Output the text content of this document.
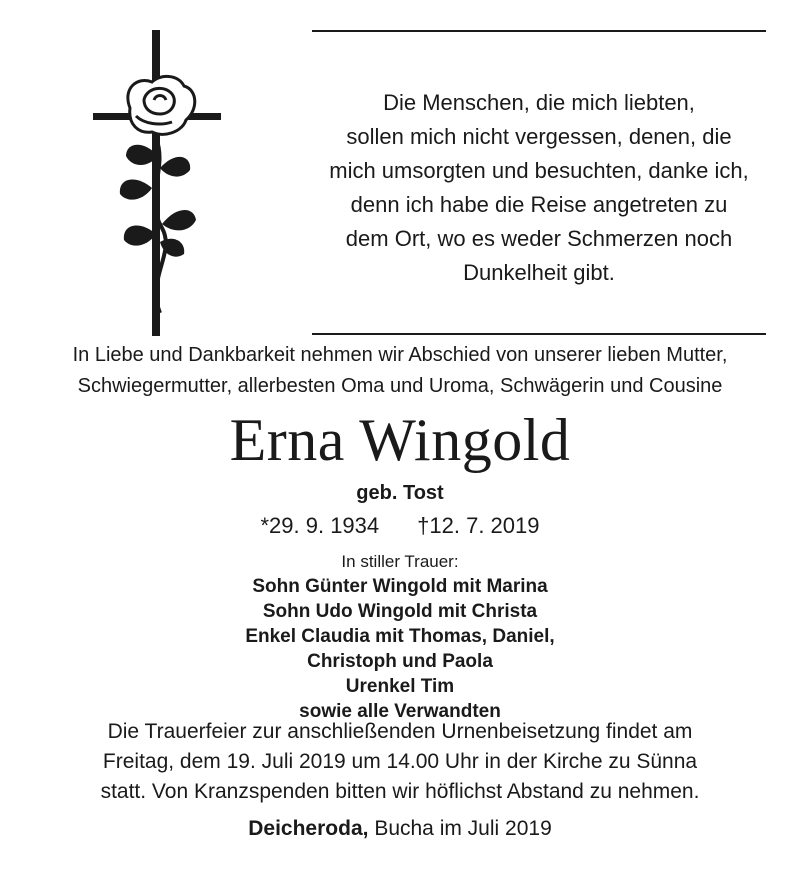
Die Menschen, die mich liebten,
sollen mich nicht vergessen, denen, die
mich umsorgten und besuchten, danke ich,
denn ich habe die Reise angetreten zu
dem Ort, wo es weder Schmerzen noch
Dunkelheit gibt.
In Liebe und Dankbarkeit nehmen wir Abschied von unserer lieben Mutter,
Schwiegermutter, allerbesten Oma und Uroma, Schwägerin und Cousine
Erna Wingold
geb. Tost
*29. 9. 1934 †12. 7. 2019
In stiller Trauer:
Sohn Günter Wingold mit Marina
Sohn Udo Wingold mit Christa
Enkel Claudia mit Thomas, Daniel,
Christoph und Paola
Urenkel Tim
sowie alle Verwandten
Die Trauerfeier zur anschließenden Urnenbeisetzung findet am
Freitag, dem 19. Juli 2019 um 14.00 Uhr in der Kirche zu Sünna
statt. Von Kranzspenden bitten wir höflichst Abstand zu nehmen.
Deicheroda, Bucha im Juli 2019
